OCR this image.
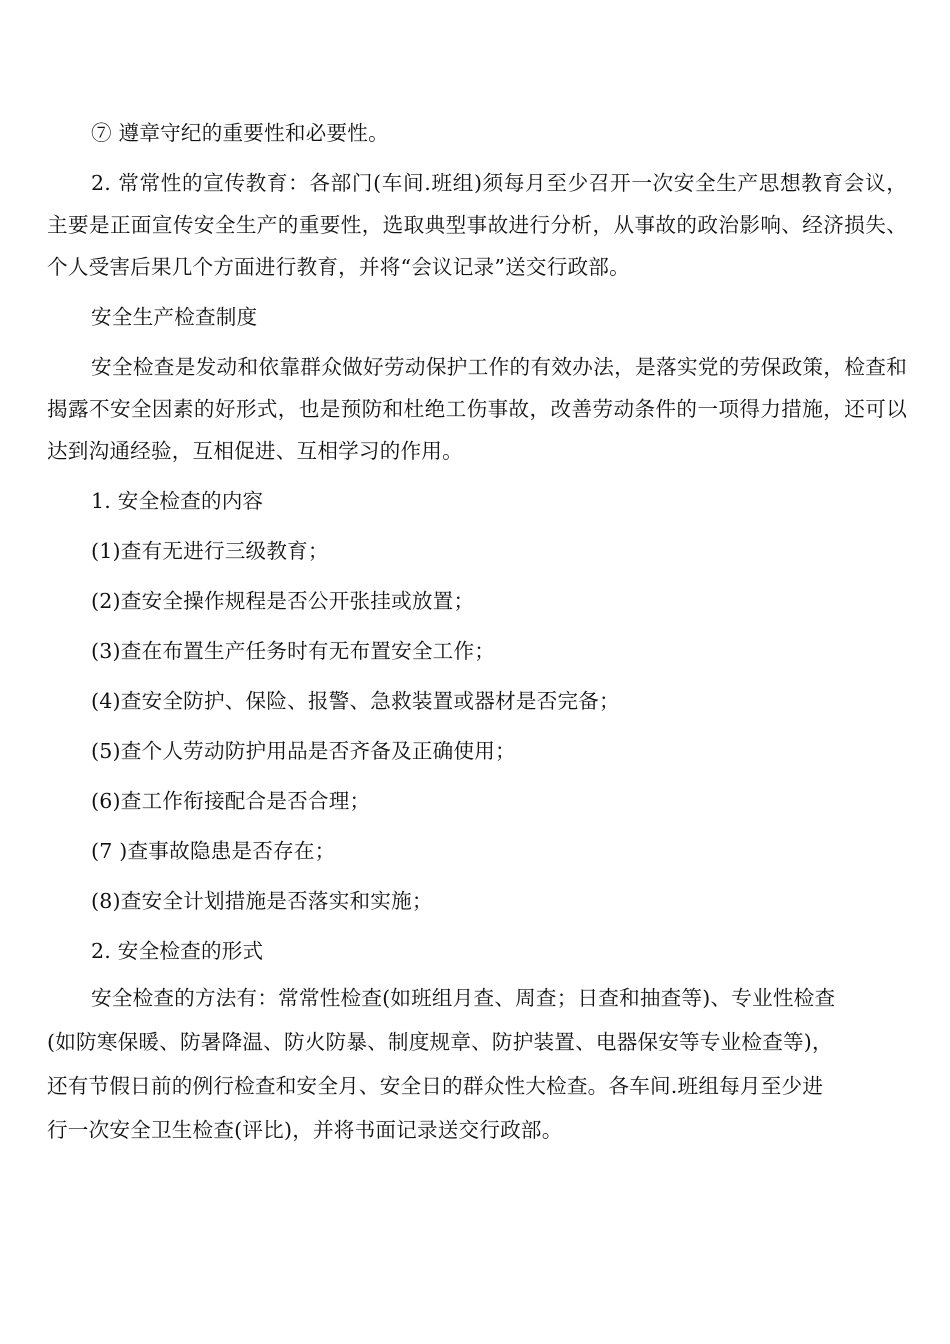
⑦ 遵章守纪的重要性和必要性。

2. 常常性的宣传教育：各部门(车间.班组)须每月至少召开一次安全生产思想教育会议，主要是正面宣传安全生产的重要性，选取典型事故进行分析，从事故的政治影响、经济损失、个人受害后果几个方面进行教育，并将“会议记录”送交行政部。

安全生产检查制度

安全检查是发动和依靠群众做好劳动保护工作的有效办法，是落实党的劳保政策，检查和揭露不安全因素的好形式，也是预防和杜绝工伤事故，改善劳动条件的一项得力措施，还可以达到沟通经验，互相促进、互相学习的作用。

1. 安全检查的内容

(1)查有无进行三级教育；

(2)查安全操作规程是否公开张挂或放置；

(3)查在布置生产任务时有无布置安全工作；

(4)查安全防护、保险、报警、急救装置或器材是否完备；

(5)查个人劳动防护用品是否齐备及正确使用；

(6)查工作衔接配合是否合理；

(7 )查事故隐患是否存在；

(8)查安全计划措施是否落实和实施；

2. 安全检查的形式

安全检查的方法有：常常性检查(如班组月查、周查；日查和抽查等)、专业性检查(如防寒保暖、防暑降温、防火防暴、制度规章、防护装置、电器保安等专业检查等)，还有节假日前的例行检查和安全月、安全日的群众性大检查。各车间.班组每月至少进行一次安全卫生检查(评比)，并将书面记录送交行政部。
